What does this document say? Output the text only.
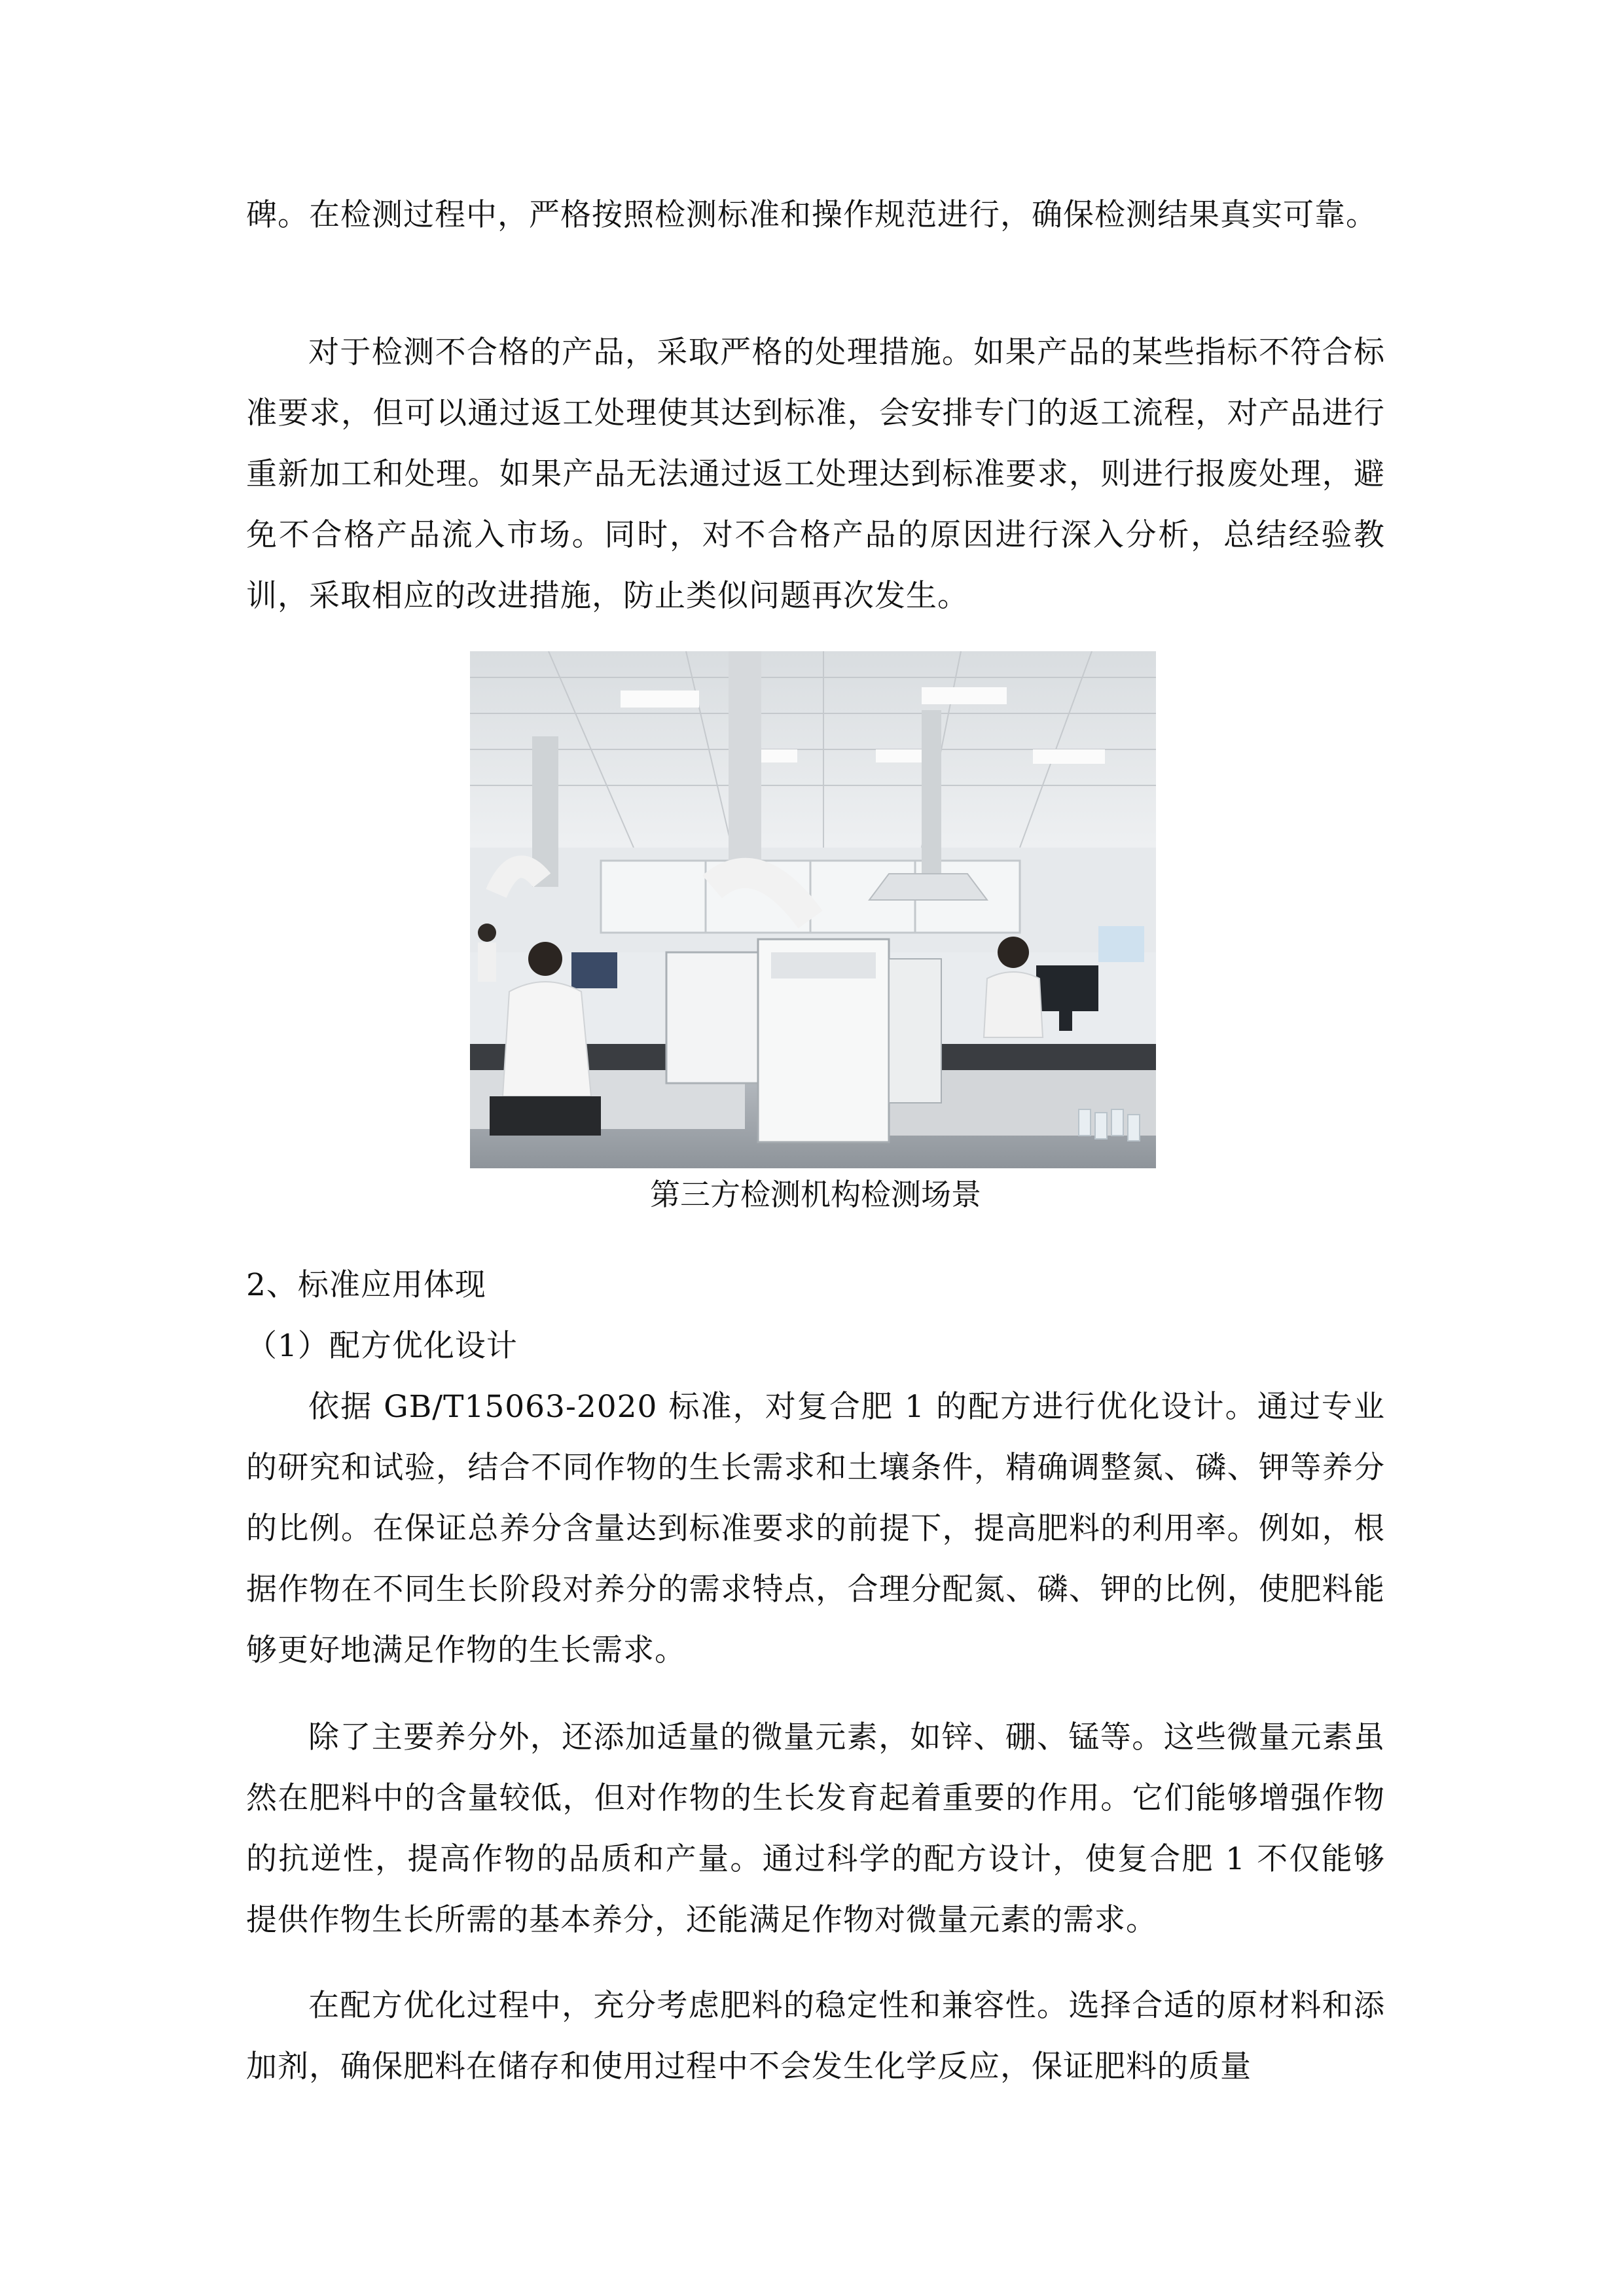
碑。在检测过程中，严格按照检测标准和操作规范进行，确保检测结果真实可靠。

对于检测不合格的产品，采取严格的处理措施。如果产品的某些指标不符合标准要求，但可以通过返工处理使其达到标准，会安排专门的返工流程，对产品进行重新加工和处理。如果产品无法通过返工处理达到标准要求，则进行报废处理，避免不合格产品流入市场。同时，对不合格产品的原因进行深入分析，总结经验教训，采取相应的改进措施，防止类似问题再次发生。

第三方检测机构检测场景

2、标准应用体现

（1）配方优化设计

依据 GB/T15063-2020 标准，对复合肥 1 的配方进行优化设计。通过专业的研究和试验，结合不同作物的生长需求和土壤条件，精确调整氮、磷、钾等养分的比例。在保证总养分含量达到标准要求的前提下，提高肥料的利用率。例如，根据作物在不同生长阶段对养分的需求特点，合理分配氮、磷、钾的比例，使肥料能够更好地满足作物的生长需求。

除了主要养分外，还添加适量的微量元素，如锌、硼、锰等。这些微量元素虽然在肥料中的含量较低，但对作物的生长发育起着重要的作用。它们能够增强作物的抗逆性，提高作物的品质和产量。通过科学的配方设计，使复合肥 1 不仅能够提供作物生长所需的基本养分，还能满足作物对微量元素的需求。

在配方优化过程中，充分考虑肥料的稳定性和兼容性。选择合适的原材料和添加剂，确保肥料在储存和使用过程中不会发生化学反应，保证肥料的质量
